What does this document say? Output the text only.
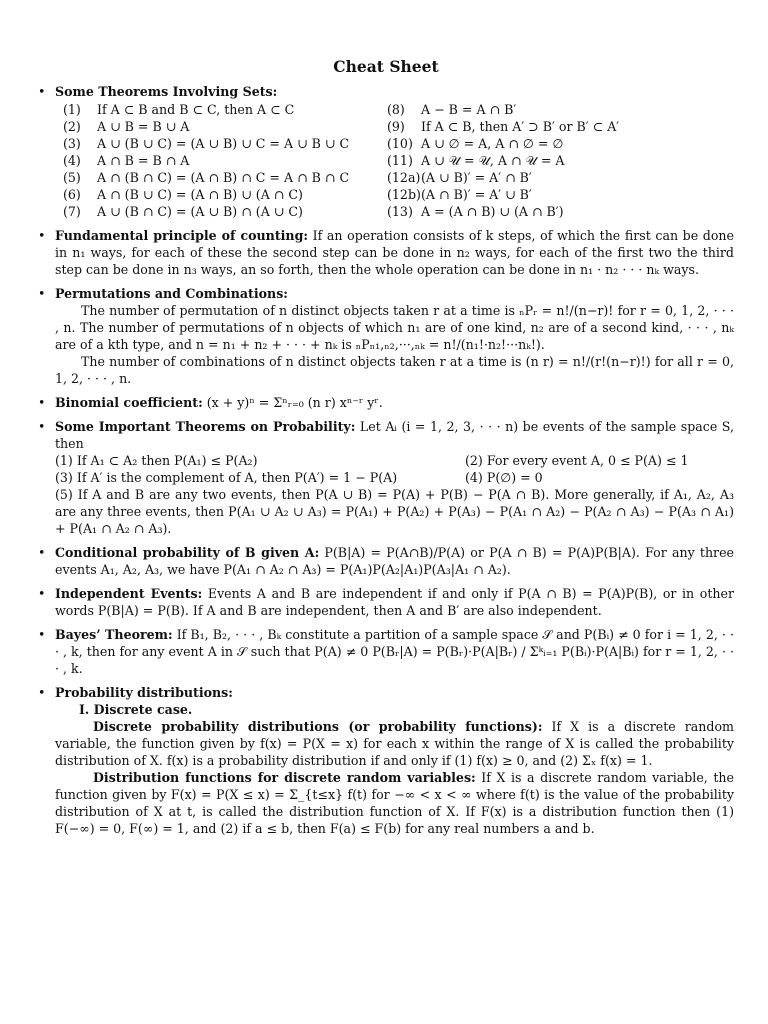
Cheat Sheet
• Some Theorems Involving Sets:
(1)	If A ⊂ B and B ⊂ C, then A ⊂ C	(8)	A − B = A ∩ B′
(2)	A ∪ B = B ∪ A	(9)	If A ⊂ B, then A′ ⊃ B′ or B′ ⊂ A′
(3)	A ∪ (B ∪ C) = (A ∪ B) ∪ C = A ∪ B ∪ C	(10)	A ∪ ∅ = A, A ∩ ∅ = ∅
(4)	A ∩ B = B ∩ A	(11)	A ∪ 𝒰 = 𝒰, A ∩ 𝒰 = A
(5)	A ∩ (B ∩ C) = (A ∩ B) ∩ C = A ∩ B ∩ C	(12a)	(A ∪ B)′ = A′ ∩ B′
(6)	A ∩ (B ∪ C) = (A ∩ B) ∪ (A ∩ C)	(12b)	(A ∩ B)′ = A′ ∪ B′
(7)	A ∪ (B ∩ C) = (A ∪ B) ∩ (A ∪ C)	(13)	A = (A ∩ B) ∪ (A ∩ B′)
• Fundamental principle of counting: If an operation consists of k steps, of which the first can be done in n₁ ways, for each of these the second step can be done in n₂ ways, for each of the first two the third step can be done in n₃ ways, an so forth, then the whole operation can be done in n₁ · n₂ · · · nₖ ways.
• Permutations and Combinations:
The number of permutation of n distinct objects taken r at a time is ₙPᵣ = n!/(n−r)! for r = 0, 1, 2, · · · , n. The number of permutations of n objects of which n₁ are of one kind, n₂ are of a second kind, · · · , nₖ are of a kth type, and n = n₁ + n₂ + · · · + nₖ is ₙPₙ₁,ₙ₂,···,ₙₖ = n!/(n₁!·n₂!···nₖ!).
The number of combinations of n distinct objects taken r at a time is (n r) = n!/(r!(n−r)!) for all r = 0, 1, 2, · · · , n.
• Binomial coefficient: (x + y)ⁿ = Σⁿᵣ₌₀ (n r) xⁿ⁻ʳ yʳ.
• Some Important Theorems on Probability: Let Aᵢ (i = 1, 2, 3, · · · n) be events of the sample space S, then
(1) If A₁ ⊂ A₂ then P(A₁) ≤ P(A₂)	(2) For every event A, 0 ≤ P(A) ≤ 1
(3) If A′ is the complement of A, then P(A′) = 1 − P(A)	(4) P(∅) = 0
(5) If A and B are any two events, then P(A ∪ B) = P(A) + P(B) − P(A ∩ B). More generally, if A₁, A₂, A₃ are any three events, then P(A₁ ∪ A₂ ∪ A₃) = P(A₁) + P(A₂) + P(A₃) − P(A₁ ∩ A₂) − P(A₂ ∩ A₃) − P(A₃ ∩ A₁) + P(A₁ ∩ A₂ ∩ A₃).
• Conditional probability of B given A: P(B|A) = P(A∩B)/P(A) or P(A ∩ B) = P(A)P(B|A). For any three events A₁, A₂, A₃, we have P(A₁ ∩ A₂ ∩ A₃) = P(A₁)P(A₂|A₁)P(A₃|A₁ ∩ A₂).
• Independent Events: Events A and B are independent if and only if P(A ∩ B) = P(A)P(B), or in other words P(B|A) = P(B). If A and B are independent, then A and B′ are also independent.
• Bayes’ Theorem: If B₁, B₂, · · · , Bₖ constitute a partition of a sample space 𝒮 and P(Bᵢ) ≠ 0 for i = 1, 2, · · · , k, then for any event A in 𝒮 such that P(A) ≠ 0 P(Bᵣ|A) = P(Bᵣ)·P(A|Bᵣ) / Σᵏᵢ₌₁ P(Bᵢ)·P(A|Bᵢ) for r = 1, 2, · · · , k.
• Probability distributions:
I. Discrete case.
Discrete probability distributions (or probability functions): If X is a discrete random variable, the function given by f(x) = P(X = x) for each x within the range of X is called the probability distribution of X. f(x) is a probability distribution if and only if (1) f(x) ≥ 0, and (2) Σₓ f(x) = 1.
Distribution functions for discrete random variables: If X is a discrete random variable, the function given by F(x) = P(X ≤ x) = Σ_{t≤x} f(t) for −∞ < x < ∞ where f(t) is the value of the probability distribution of X at t, is called the distribution function of X. If F(x) is a distribution function then (1) F(−∞) = 0, F(∞) = 1, and (2) if a ≤ b, then F(a) ≤ F(b) for any real numbers a and b.
